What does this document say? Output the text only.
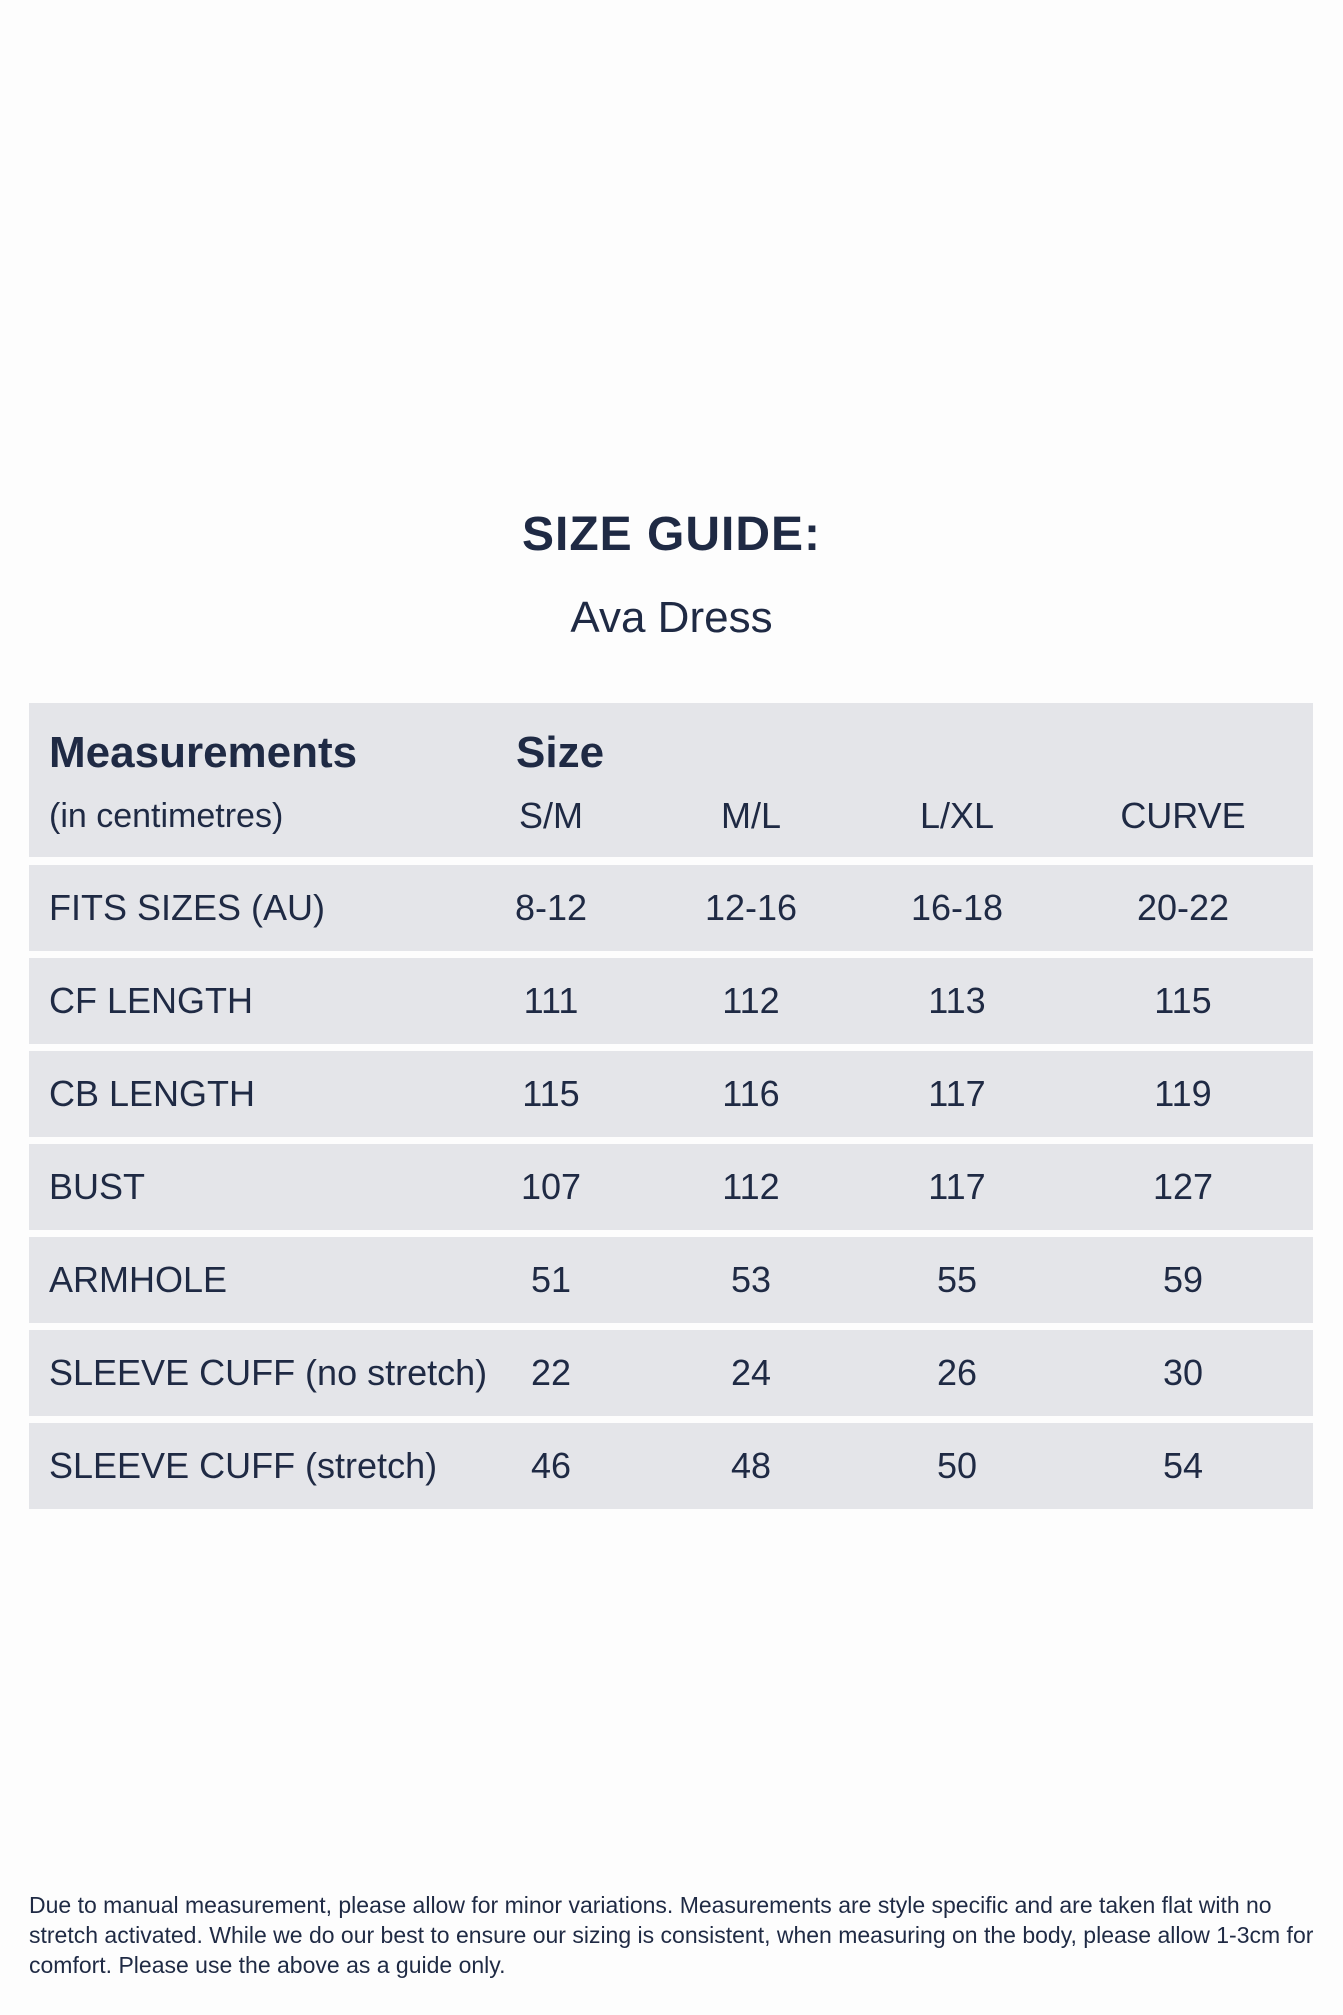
SIZE GUIDE:
Ava Dress
Measurements
(in centimetres)
Size
S/M	M/L	L/XL	CURVE
FITS SIZES (AU)	8-12	12-16	16-18	20-22
CF LENGTH	111	112	113	115
CB LENGTH	115	116	117	119
BUST	107	112	117	127
ARMHOLE	51	53	55	59
SLEEVE CUFF (no stretch)	22	24	26	30
SLEEVE CUFF (stretch)	46	48	50	54
Due to manual measurement, please allow for minor variations. Measurements are style specific and are taken flat with no stretch activated. While we do our best to ensure our sizing is consistent, when measuring on the body, please allow 1-3cm for comfort. Please use the above as a guide only.
